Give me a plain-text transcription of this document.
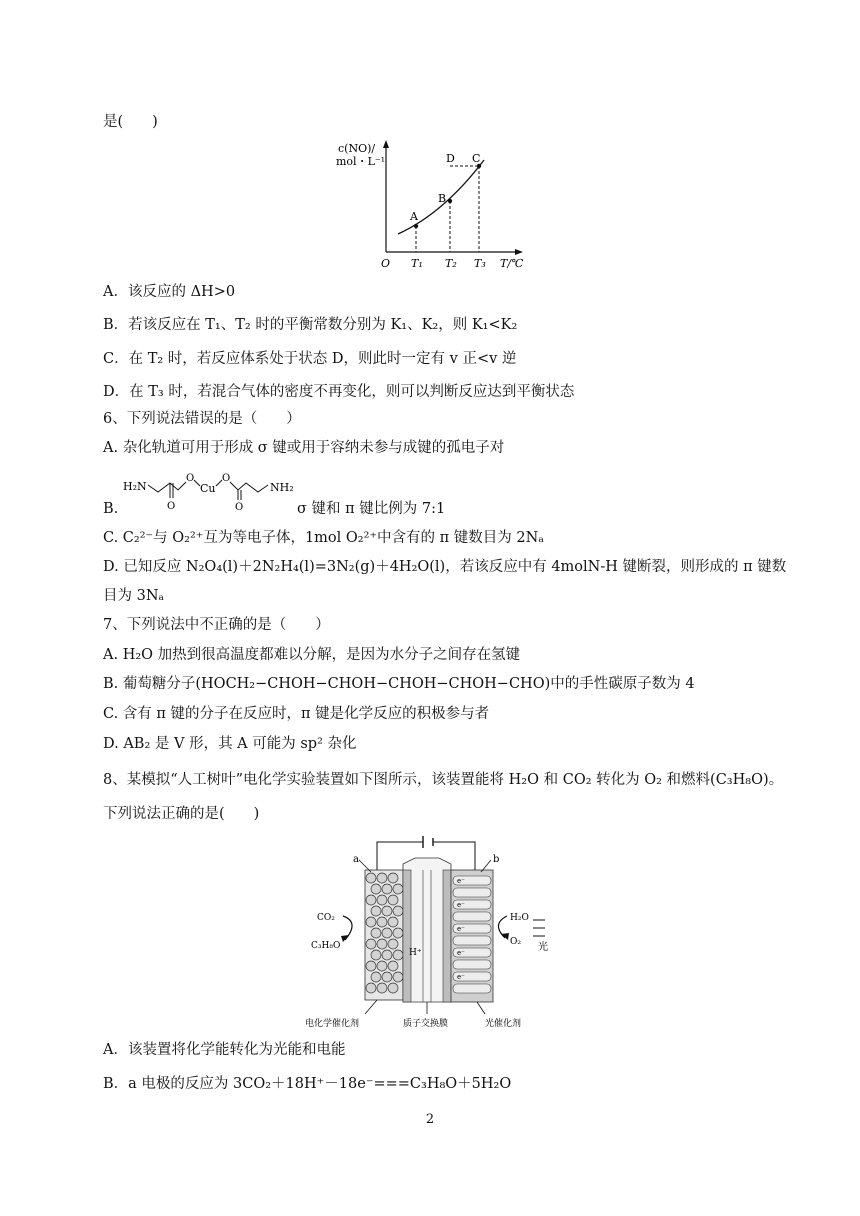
是(　　)
c(NO)/
mol・L⁻¹
O T₁ T₂ T₃ T/℃
A
B
C
D
A．该反应的 ΔH>0
B．若该反应在 T₁、T₂ 时的平衡常数分别为 K₁、K₂，则 K₁<K₂
C．在 T₂ 时，若反应体系处于状态 D，则此时一定有 v 正<v 逆
D．在 T₃ 时，若混合气体的密度不再变化，则可以判断反应达到平衡状态
6、下列说法错误的是（　　）
A. 杂化轨道可用于形成 σ 键或用于容纳未参与成键的孤电子对
B.
H₂N
O
O
Cu
O
O
NH₂
σ 键和 π 键比例为 7:1
C. C₂²⁻与 O₂²⁺互为等电子体，1mol O₂²⁺中含有的 π 键数目为 2Nₐ
D. 已知反应 N₂O₄(l)＋2N₂H₄(l)=3N₂(g)＋4H₂O(l)，若该反应中有 4molN-H 键断裂，则形成的 π 键数
目为 3Nₐ
7、下列说法中不正确的是（　　）
A. H₂O 加热到很高温度都难以分解，是因为水分子之间存在氢键
B. 葡萄糖分子(HOCH₂−CHOH−CHOH−CHOH−CHOH−CHO)中的手性碳原子数为 4
C. 含有 π 键的分子在反应时，π 键是化学反应的积极参与者
D. AB₂ 是 V 形，其 A 可能为 sp² 杂化
8、某模拟“人工树叶”电化学实验装置如下图所示，该装置能将 H₂O 和 CO₂ 转化为 O₂ 和燃料(C₃H₈O)。
下列说法正确的是(　　)
H⁺
e⁻
e⁻
e⁻
e⁻
e⁻
a	b
CO₂
C₃H₈O
H₂O
O₂ 光
电化学催化剂	质子交换膜	光催化剂
A．该装置将化学能转化为光能和电能
B．a 电极的反应为 3CO₂＋18H⁺－18e⁻===C₃H₈O＋5H₂O
2
